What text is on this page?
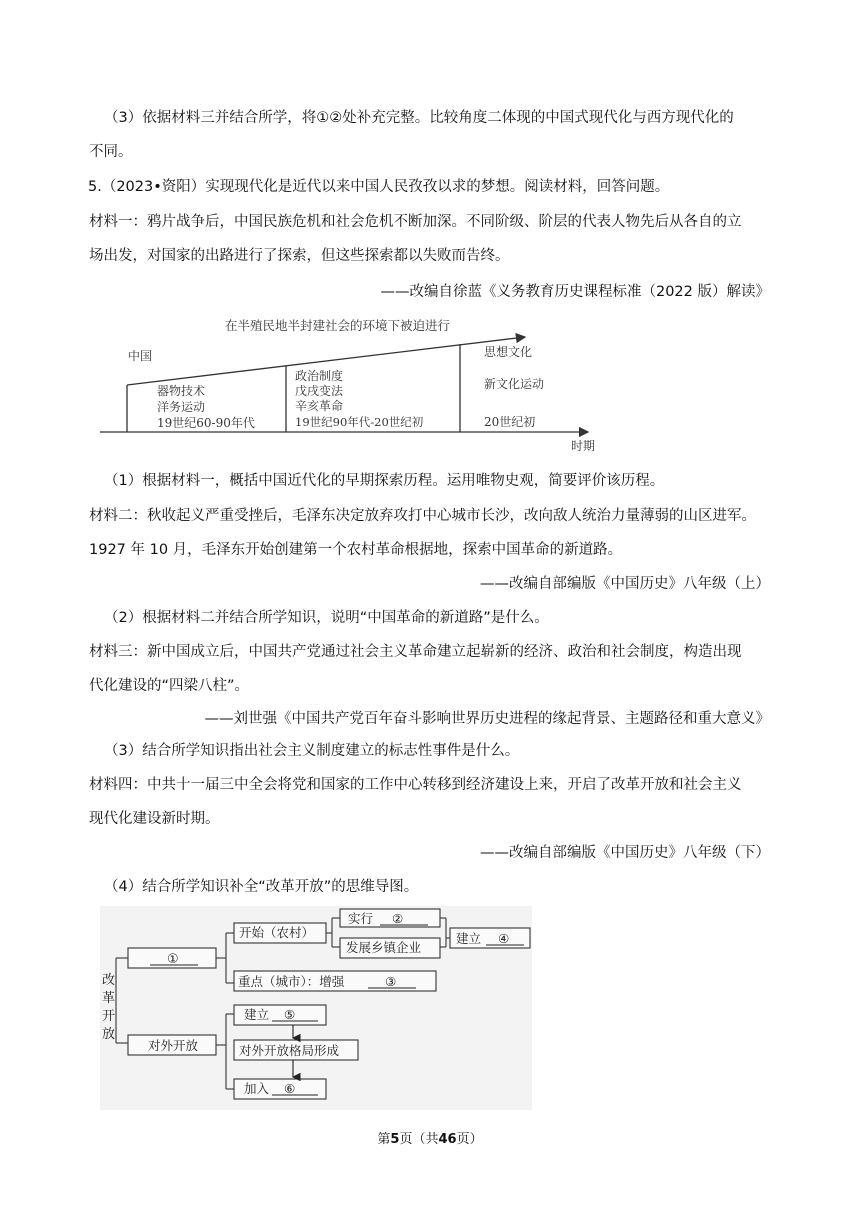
（3）依据材料三并结合所学，将①②处补充完整。比较角度二体现的中国式现代化与西方现代化的
不同。
5.（2023•资阳）实现现代化是近代以来中国人民孜孜以求的梦想。阅读材料，回答问题。
材料一：鸦片战争后，中国民族危机和社会危机不断加深。不同阶级、阶层的代表人物先后从各自的立
场出发，对国家的出路进行了探索，但这些探索都以失败而告终。
——改编自徐蓝《义务教育历史课程标准（2022 版）解读》
在半殖民地半封建社会的环境下被迫进行
中国
时期
器物技术
洋务运动
19世纪60-90年代
政治制度
戊戌变法
辛亥革命
19世纪90年代-20世纪初
思想文化
新文化运动
20世纪初
（1）根据材料一，概括中国近代化的早期探索历程。运用唯物史观，简要评价该历程。
材料二：秋收起义严重受挫后，毛泽东决定放弃攻打中心城市长沙，改向敌人统治力量薄弱的山区进军。
1927 年 10 月，毛泽东开始创建第一个农村革命根据地，探索中国革命的新道路。
——改编自部编版《中国历史》八年级（上）
（2）根据材料二并结合所学知识，说明“中国革命的新道路”是什么。
材料三：新中国成立后，中国共产党通过社会主义革命建立起崭新的经济、政治和社会制度，构造出现
代化建设的“四梁八柱”。
——刘世强《中国共产党百年奋斗影响世界历史进程的缘起背景、主题路径和重大意义》
（3）结合所学知识指出社会主义制度建立的标志性事件是什么。
材料四：中共十一届三中全会将党和国家的工作中心转移到经济建设上来，开启了改革开放和社会主义
现代化建设新时期。
——改编自部编版《中国历史》八年级（下）
（4）结合所学知识补全“改革开放”的思维导图。
改
革
开
放
①
开始（农村）
实行 ②
发展乡镇企业
建立 ④
重点（城市）：增强	③
对外开放
建立 ⑤
对外开放格局形成
加入 ⑥
第5页（共46页）
